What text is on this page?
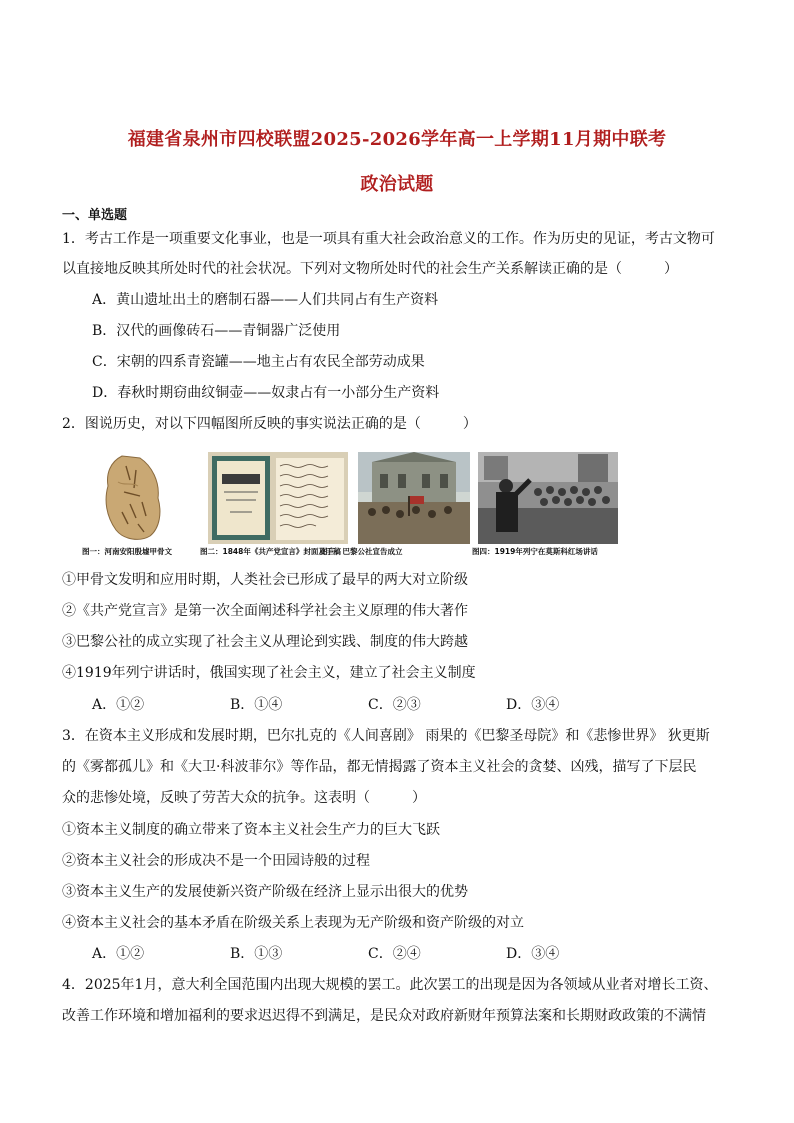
福建省泉州市四校联盟2025-2026学年高一上学期11月期中联考
政治试题
一、单选题
1．考古工作是一项重要文化事业，也是一项具有重大社会政治意义的工作。作为历史的见证，考古文物可
以直接地反映其所处时代的社会状况。下列对文物所处时代的社会生产关系解读正确的是（　　　）
A．黄山遗址出土的磨制石器——人们共同占有生产资料
B．汉代的画像砖石——青铜器广泛使用
C．宋朝的四系青瓷罐——地主占有农民全部劳动成果
D．春秋时期窃曲纹铜壶——奴隶占有一小部分生产资料
2．图说历史，对以下四幅图所反映的事实说法正确的是（　　　）
图一：河南安阳殷墟甲骨文	图二：1848年《共产党宣言》封面及手稿
图三：巴黎公社宣告成立	图四：1919年列宁在莫斯科红场讲话
①甲骨文发明和应用时期，人类社会已形成了最早的两大对立阶级
②《共产党宣言》是第一次全面阐述科学社会主义原理的伟大著作
③巴黎公社的成立实现了社会主义从理论到实践、制度的伟大跨越
④1919年列宁讲话时，俄国实现了社会主义，建立了社会主义制度
A．①②	B．①④	C．②③	D．③④
3．在资本主义形成和发展时期，巴尔扎克的《人间喜剧》 雨果的《巴黎圣母院》和《悲惨世界》 狄更斯
的《雾都孤儿》和《大卫·科波菲尔》等作品，都无情揭露了资本主义社会的贪婪、凶残，描写了下层民
众的悲惨处境，反映了劳苦大众的抗争。这表明（　　　）
①资本主义制度的确立带来了资本主义社会生产力的巨大飞跃
②资本主义社会的形成决不是一个田园诗般的过程
③资本主义生产的发展使新兴资产阶级在经济上显示出很大的优势
④资本主义社会的基本矛盾在阶级关系上表现为无产阶级和资产阶级的对立
A．①②	B．①③	C．②④	D．③④
4．2025年1月，意大利全国范围内出现大规模的罢工。此次罢工的出现是因为各领域从业者对增长工资、
改善工作环境和增加福利的要求迟迟得不到满足，是民众对政府新财年预算法案和长期财政政策的不满情
